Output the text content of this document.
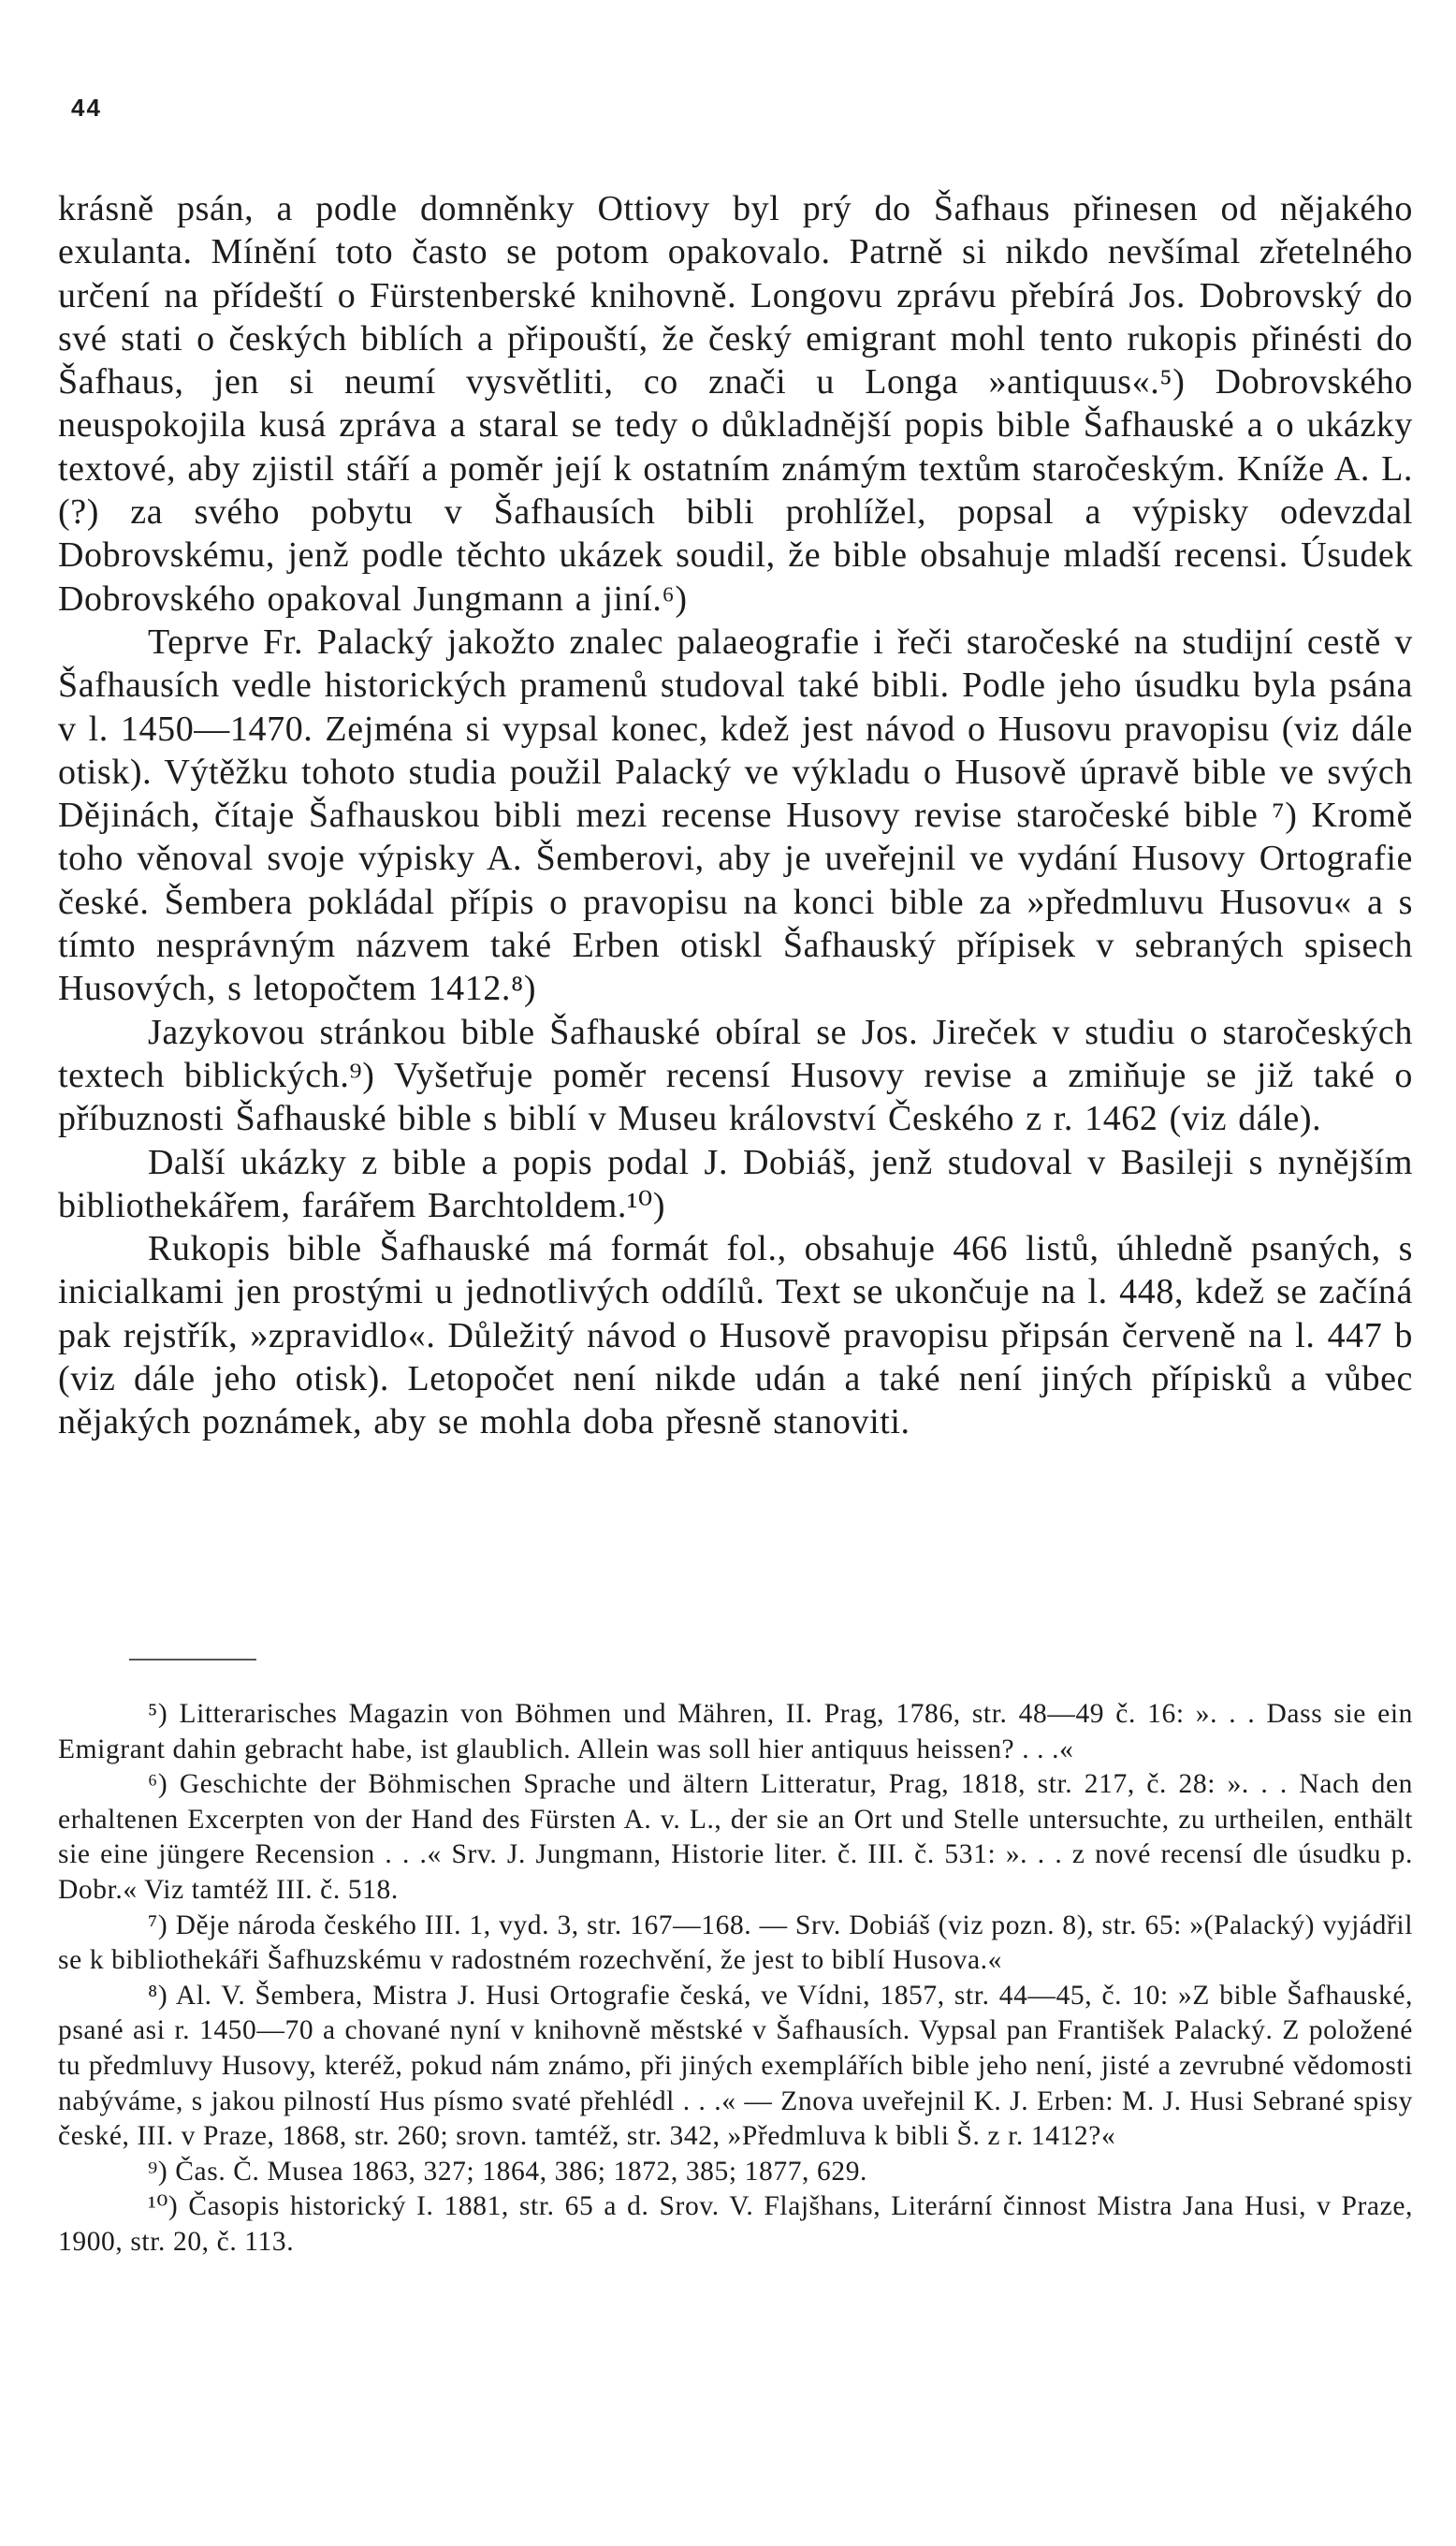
44

krásně psán, a podle domněnky Ottiovy byl prý do Šafhaus přinesen od nějakého exulanta. Mínění toto často se potom opakovalo. Patrně si nikdo nevšímal zřetelného určení na přídeští o Fürstenberské knihovně. Longovu zprávu přebírá Jos. Dobrovský do své stati o českých biblích a připouští, že český emigrant mohl tento rukopis přinésti do Šafhaus, jen si neumí vysvětliti, co znači u Longa »antiquus«.⁵) Dobrovského neuspokojila kusá zpráva a staral se tedy o důkladnější popis bible Šafhauské a o ukázky textové, aby zjistil stáří a poměr její k ostatním známým textům staročeským. Kníže A. L. (?) za svého pobytu v Šafhausích bibli prohlížel, popsal a výpisky odevzdal Dobrovskému, jenž podle těchto ukázek soudil, že bible obsahuje mladší recensi. Úsudek Dobrovského opakoval Jungmann a jiní.⁶)

Teprve Fr. Palacký jakožto znalec palaeografie i řeči staročeské na studijní cestě v Šafhausích vedle historických pramenů studoval také bibli. Podle jeho úsudku byla psána v l. 1450—1470. Zejména si vypsal konec, kdež jest návod o Husovu pravopisu (viz dále otisk). Výtěžku tohoto studia použil Palacký ve výkladu o Husově úpravě bible ve svých Dějinách, čítaje Šafhauskou bibli mezi recense Husovy revise staročeské bible ⁷) Kromě toho věnoval svoje výpisky A. Šemberovi, aby je uveřejnil ve vydání Husovy Ortografie české. Šembera pokládal přípis o pravopisu na konci bible za »předmluvu Husovu« a s tímto nesprávným názvem také Erben otiskl Šafhauský přípisek v sebraných spisech Husových, s letopočtem 1412.⁸)

Jazykovou stránkou bible Šafhauské obíral se Jos. Jireček v studiu o staročeských textech biblických.⁹) Vyšetřuje poměr recensí Husovy revise a zmiňuje se již také o příbuznosti Šafhauské bible s biblí v Museu království Českého z r. 1462 (viz dále).

Další ukázky z bible a popis podal J. Dobiáš, jenž studoval v Basileji s nynějším bibliothekářem, farářem Barchtoldem.¹⁰)

Rukopis bible Šafhauské má formát fol., obsahuje 466 listů, úhledně psaných, s inicialkami jen prostými u jednotlivých oddílů. Text se ukončuje na l. 448, kdež se začíná pak rejstřík, »zpravidlo«. Důležitý návod o Husově pravopisu připsán červeně na l. 447 b (viz dále jeho otisk). Letopočet není nikde udán a také není jiných přípisků a vůbec nějakých poznámek, aby se mohla doba přesně stanoviti.

⁵) Litterarisches Magazin von Böhmen und Mähren, II. Prag, 1786, str. 48—49 č. 16: ». . . Dass sie ein Emigrant dahin gebracht habe, ist glaublich. Allein was soll hier antiquus heissen? . . .«

⁶) Geschichte der Böhmischen Sprache und ältern Litteratur, Prag, 1818, str. 217, č. 28: ». . . Nach den erhaltenen Excerpten von der Hand des Fürsten A. v. L., der sie an Ort und Stelle untersuchte, zu urtheilen, enthält sie eine jüngere Recension . . .« Srv. J. Jungmann, Historie liter. č. III. č. 531: ». . . z nové recensí dle úsudku p. Dobr.« Viz tamtéž III. č. 518.

⁷) Děje národa českého III. 1, vyd. 3, str. 167—168. — Srv. Dobiáš (viz pozn. 8), str. 65: »(Palacký) vyjádřil se k bibliothekáři Šafhuzskému v radostném rozechvění, že jest to biblí Husova.«

⁸) Al. V. Šembera, Mistra J. Husi Ortografie česká, ve Vídni, 1857, str. 44—45, č. 10: »Z bible Šafhauské, psané asi r. 1450—70 a chované nyní v knihovně městské v Šafhausích. Vypsal pan František Palacký. Z položené tu předmluvy Husovy, kteréž, pokud nám známo, při jiných exemplářích bible jeho není, jisté a zevrubné vědomosti nabýváme, s jakou pilností Hus písmo svaté přehlédl . . .« — Znova uveřejnil K. J. Erben: M. J. Husi Sebrané spisy české, III. v Praze, 1868, str. 260; srovn. tamtéž, str. 342, »Předmluva k bibli Š. z r. 1412?«

⁹) Čas. Č. Musea 1863, 327; 1864, 386; 1872, 385; 1877, 629.

¹⁰) Časopis historický I. 1881, str. 65 a d. Srov. V. Flajšhans, Literární činnost Mistra Jana Husi, v Praze, 1900, str. 20, č. 113.
